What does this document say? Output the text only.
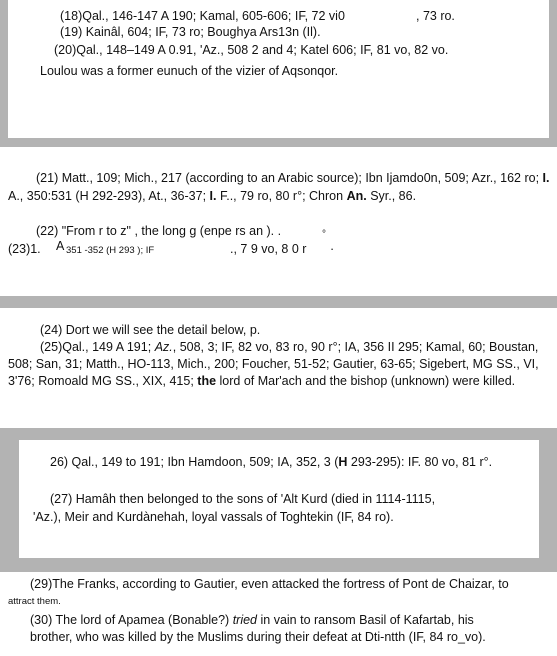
(18)Qal., 146-147 A 190; Kamal, 605-606; IF, 72 vi0	, 73 ro.
(19) Kainâl, 604; IF, 73 ro; Boughya Ars13n (Il).
(20)Qal., 148–149 A 0.91, 'Az., 508 2 and 4; Katel 606; IF, 81 vo, 82 vo.
Loulou was a former eunuch of the vizier of Aqsonqor.
(21) Matt., 109; Mich., 217 (according to an Arabic source); Ibn Ijamdo0n, 509; Azr., 162 ro; I.
A., 350:531 (H 292-293), At., 36-37; I. F.., 79 ro, 80 r°; Chron An. Syr., 86.
(22) "From r to z" , the long g (enpe rs an ). .	°
(23)1. A 351 -352 (H 293 ); IF	., 7 9 vo, 8 0 r ·
(24) Dort we will see the detail below, p.
(25)Qal., 149 A 191; Az., 508, 3; IF, 82 vo, 83 ro, 90 r°; IA, 356 II 295; Kamal, 60; Boustan,
508; San, 31; Matth., HO-113, Mich., 200; Foucher, 51-52; Gautier, 63-65; Sigebert, MG SS., VI,
3'76; Romoald MG SS., XIX, 415; the lord of Mar'ach and the bishop (unknown) were killed.
26) Qal., 149 to 191; Ibn Hamdoon, 509; IA, 352, 3 (H 293-295): IF. 80 vo, 81 r°.
(27) Hamâh then belonged to the sons of 'Alt Kurd (died in 1114-1115,
'Az.), Meir and Kurdànehah, loyal vassals of Toghtekin (IF, 84 ro).
(29)The Franks, according to Gautier, even attacked the fortress of Pont de Chaizar, to
attract them.
(30) The lord of Apamea (Bonable?) tried in vain to ransom Basil of Kafartab, his
brother, who was killed by the Muslims during their defeat at Dti-ntth (IF, 84 ro_vo).
